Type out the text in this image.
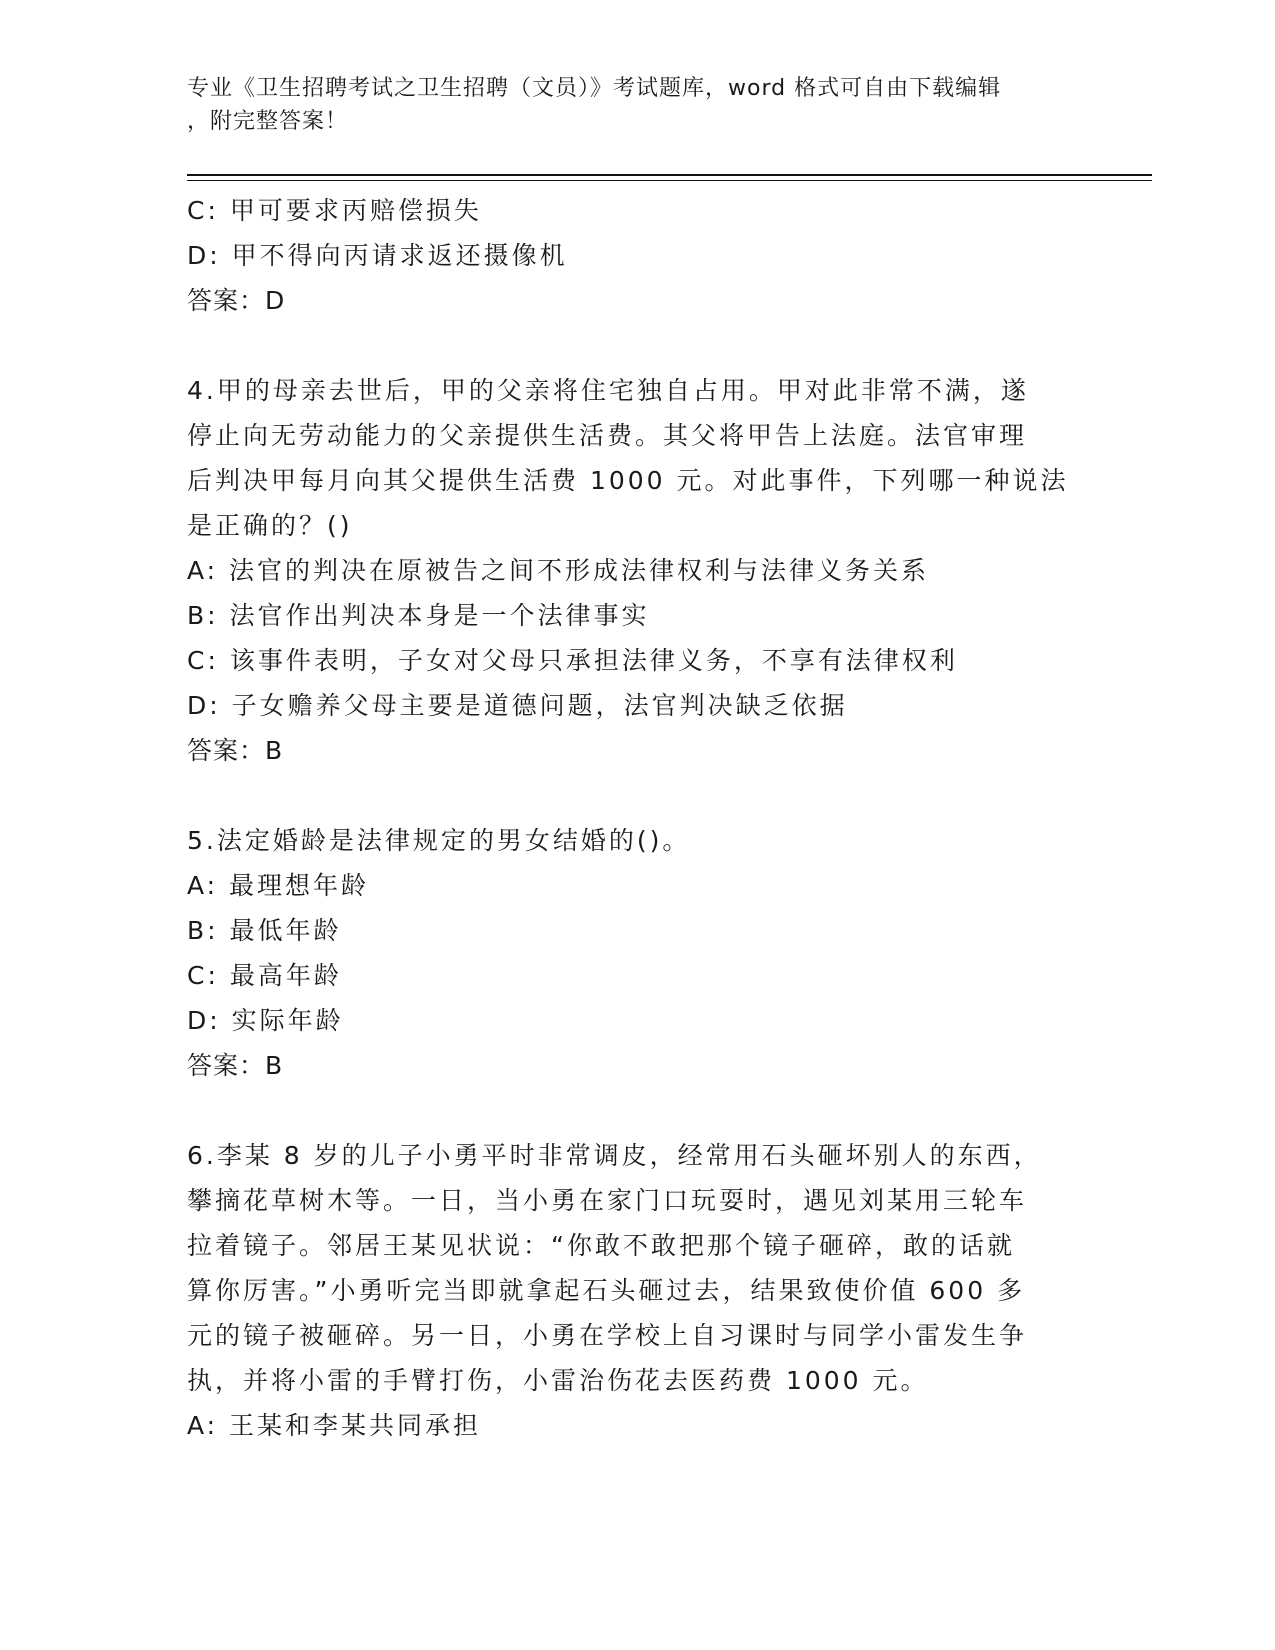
专业《卫生招聘考试之卫生招聘（文员）》考试题库，word 格式可自由下载编辑
，附完整答案！
C: 甲可要求丙赔偿损失
D: 甲不得向丙请求返还摄像机
答案：D
4.甲的母亲去世后，甲的父亲将住宅独自占用。甲对此非常不满，遂
停止向无劳动能力的父亲提供生活费。其父将甲告上法庭。法官审理
后判决甲每月向其父提供生活费 1000 元。对此事件，下列哪一种说法
是正确的？()
A: 法官的判决在原被告之间不形成法律权利与法律义务关系
B: 法官作出判决本身是一个法律事实
C: 该事件表明，子女对父母只承担法律义务，不享有法律权利
D: 子女赡养父母主要是道德问题，法官判决缺乏依据
答案：B
5.法定婚龄是法律规定的男女结婚的()。
A: 最理想年龄
B: 最低年龄
C: 最高年龄
D: 实际年龄
答案：B
6.李某 8 岁的儿子小勇平时非常调皮，经常用石头砸坏别人的东西，
攀摘花草树木等。一日，当小勇在家门口玩耍时，遇见刘某用三轮车
拉着镜子。邻居王某见状说：“你敢不敢把那个镜子砸碎，敢的话就
算你厉害。”小勇听完当即就拿起石头砸过去，结果致使价值 600 多
元的镜子被砸碎。另一日，小勇在学校上自习课时与同学小雷发生争
执，并将小雷的手臂打伤，小雷治伤花去医药费 1000 元。
A: 王某和李某共同承担
